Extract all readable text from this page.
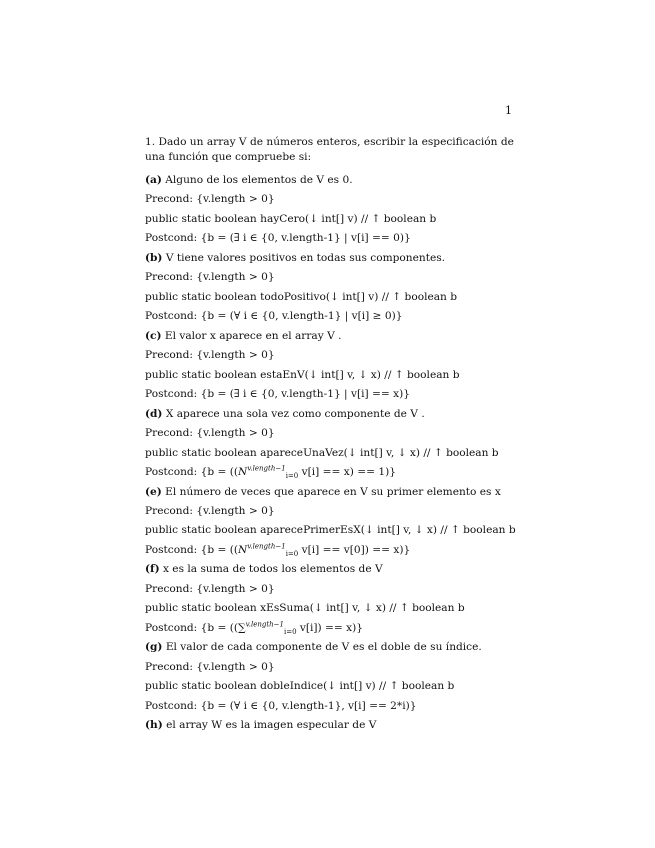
1
1. Dado un array V de números enteros, escribir la especificación de una función que compruebe si:
(a) Alguno de los elementos de V es 0.
Precond: {v.length > 0}
public static boolean hayCero(↓ int[] v) // ↑ boolean b
Postcond: {b = (∃ i ∈ {0, v.length-1} | v[i] == 0)}
(b) V tiene valores positivos en todas sus componentes.
Precond: {v.length > 0}
public static boolean todoPositivo(↓ int[] v) // ↑ boolean b
Postcond: {b = (∀ i ∈ {0, v.length-1} | v[i] ≥ 0)}
(c) El valor x aparece en el array V .
Precond: {v.length > 0}
public static boolean estaEnV(↓ int[] v, ↓ x) // ↑ boolean b
Postcond: {b = (∃ i ∈ {0, v.length-1} | v[i] == x)}
(d) X aparece una sola vez como componente de V .
Precond: {v.length > 0}
public static boolean apareceUnaVez(↓ int[] v, ↓ x) // ↑ boolean b
Postcond: {$b = ((N^{v.length-1}_{i=0}$ v[i] == x) == 1)}
(e) El número de veces que aparece en V su primer elemento es x
Precond: {v.length > 0}
public static boolean aparecePrimerEsX(↓ int[] v, ↓ x) // ↑ boolean b
Postcond: {$b = ((N^{v.length-1}_{i=0}$ v[i] == v[0]) == x)}
(f) x es la suma de todos los elementos de V
Precond: {v.length > 0}
public static boolean xEsSuma(↓ int[] v, ↓ x) // ↑ boolean b
Postcond: {b = ((∑$^{v.length-1}_{i=0}$ v[i]) == x)}
(g) El valor de cada componente de V es el doble de su índice.
Precond: {v.length > 0}
public static boolean dobleIndice(↓ int[] v) // ↑ boolean b
Postcond: {b = (∀ i ∈ {0, v.length-1}, v[i] == 2*i)}
(h) el array W es la imagen especular de V
